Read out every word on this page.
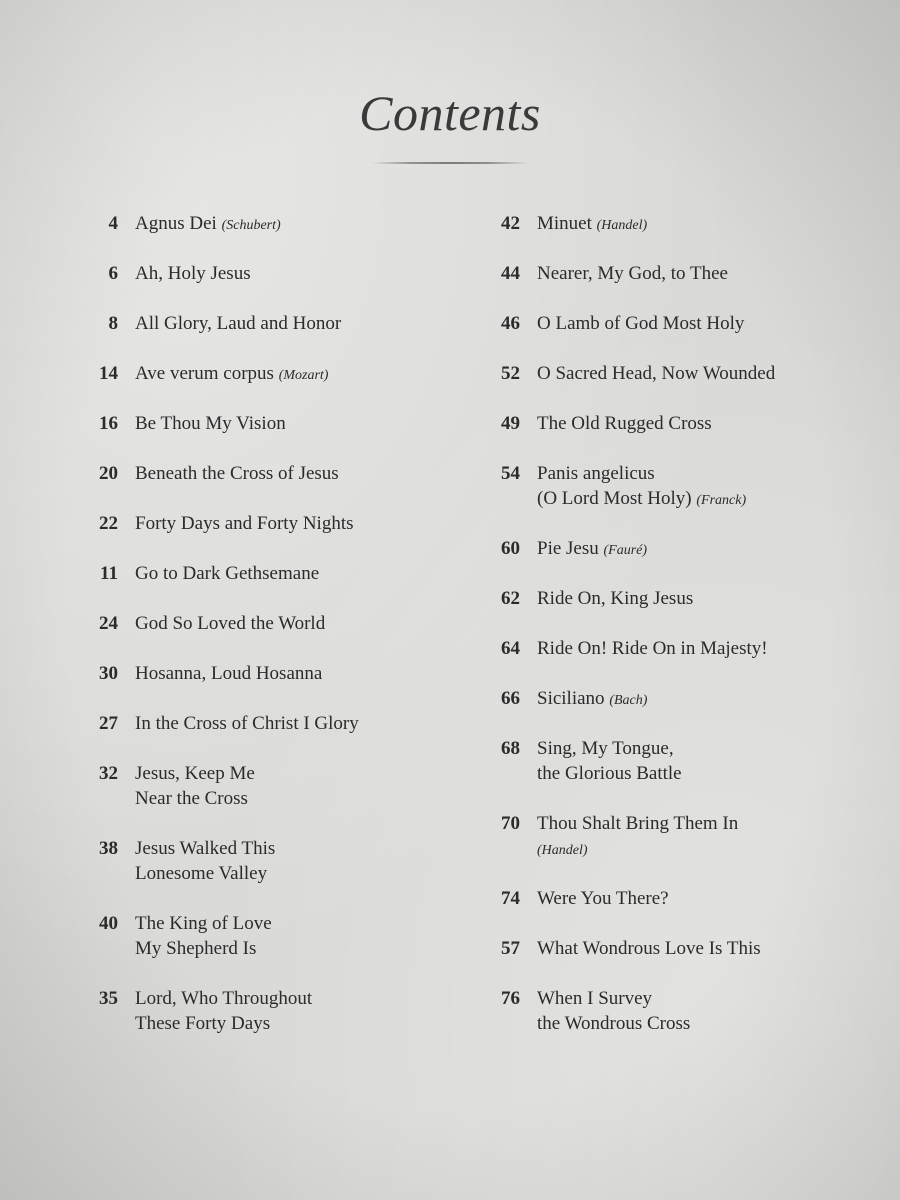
Contents
4 Agnus Dei (Schubert)
6 Ah, Holy Jesus
8 All Glory, Laud and Honor
14 Ave verum corpus (Mozart)
16 Be Thou My Vision
20 Beneath the Cross of Jesus
22 Forty Days and Forty Nights
11 Go to Dark Gethsemane
24 God So Loved the World
30 Hosanna, Loud Hosanna
27 In the Cross of Christ I Glory
32 Jesus, Keep Me
Near the Cross
38 Jesus Walked This
Lonesome Valley
40 The King of Love
My Shepherd Is
35 Lord, Who Throughout
These Forty Days
42 Minuet (Handel)
44 Nearer, My God, to Thee
46 O Lamb of God Most Holy
52 O Sacred Head, Now Wounded
49 The Old Rugged Cross
54 Panis angelicus
(O Lord Most Holy) (Franck)
60 Pie Jesu (Fauré)
62 Ride On, King Jesus
64 Ride On! Ride On in Majesty!
66 Siciliano (Bach)
68 Sing, My Tongue,
the Glorious Battle
70 Thou Shalt Bring Them In
(Handel)
74 Were You There?
57 What Wondrous Love Is This
76 When I Survey
the Wondrous Cross
